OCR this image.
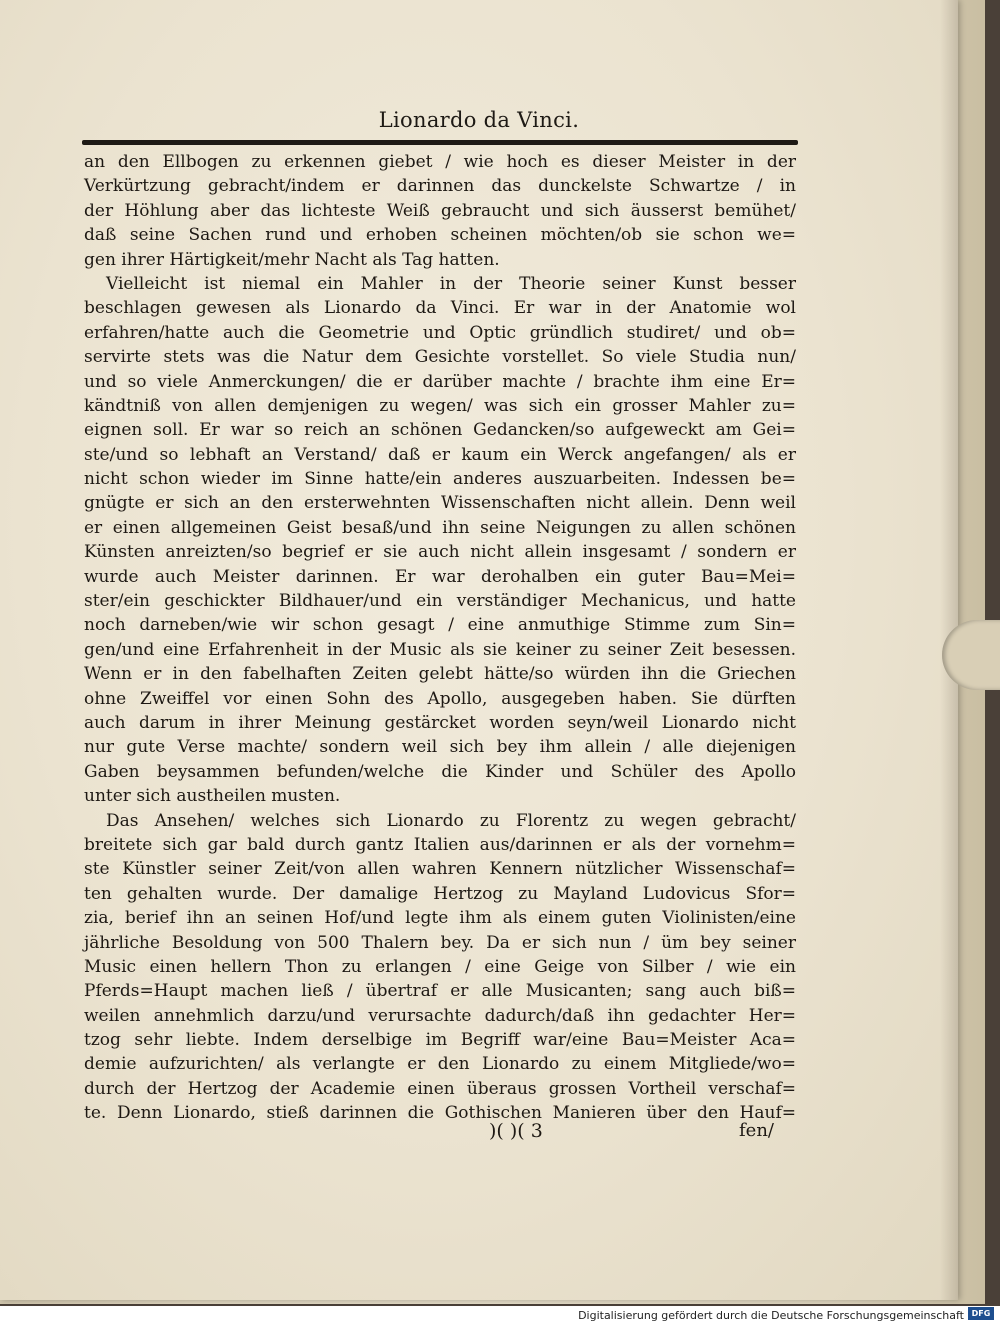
Lionardo da Vinci.
an den Ellbogen zu erkennen giebet / wie hoch es dieser Meister in der
Verkürtzung gebracht/indem er darinnen das dunckelste Schwartze / in
der Höhlung aber das lichteste Weiß gebraucht und sich äusserst bemühet/
daß seine Sachen rund und erhoben scheinen möchten/ob sie schon we=
gen ihrer Härtigkeit/mehr Nacht als Tag hatten.
Vielleicht ist niemal ein Mahler in der Theorie seiner Kunst besser
beschlagen gewesen als Lionardo da Vinci. Er war in der Anatomie wol
erfahren/hatte auch die Geometrie und Optic gründlich studiret/ und ob=
servirte stets was die Natur dem Gesichte vorstellet. So viele Studia nun/
und so viele Anmerckungen/ die er darüber machte / brachte ihm eine Er=
kändtniß von allen demjenigen zu wegen/ was sich ein grosser Mahler zu=
eignen soll. Er war so reich an schönen Gedancken/so aufgeweckt am Gei=
ste/und so lebhaft an Verstand/ daß er kaum ein Werck angefangen/ als er
nicht schon wieder im Sinne hatte/ein anderes auszuarbeiten. Indessen be=
gnügte er sich an den ersterwehnten Wissenschaften nicht allein. Denn weil
er einen allgemeinen Geist besaß/und ihn seine Neigungen zu allen schönen
Künsten anreizten/so begrief er sie auch nicht allein insgesamt / sondern er
wurde auch Meister darinnen. Er war derohalben ein guter Bau=Mei=
ster/ein geschickter Bildhauer/und ein verständiger Mechanicus, und hatte
noch darneben/wie wir schon gesagt / eine anmuthige Stimme zum Sin=
gen/und eine Erfahrenheit in der Music als sie keiner zu seiner Zeit besessen.
Wenn er in den fabelhaften Zeiten gelebt hätte/so würden ihn die Griechen
ohne Zweiffel vor einen Sohn des Apollo, ausgegeben haben. Sie dürften
auch darum in ihrer Meinung gestärcket worden seyn/weil Lionardo nicht
nur gute Verse machte/ sondern weil sich bey ihm allein / alle diejenigen
Gaben beysammen befunden/welche die Kinder und Schüler des Apollo
unter sich austheilen musten.
Das Ansehen/ welches sich Lionardo zu Florentz zu wegen gebracht/
breitete sich gar bald durch gantz Italien aus/darinnen er als der vornehm=
ste Künstler seiner Zeit/von allen wahren Kennern nützlicher Wissenschaf=
ten gehalten wurde. Der damalige Hertzog zu Mayland Ludovicus Sfor=
zia, berief ihn an seinen Hof/und legte ihm als einem guten Violinisten/eine
jährliche Besoldung von 500 Thalern bey. Da er sich nun / üm bey seiner
Music einen hellern Thon zu erlangen / eine Geige von Silber / wie ein
Pferds=Haupt machen ließ / übertraf er alle Musicanten; sang auch biß=
weilen annehmlich darzu/und verursachte dadurch/daß ihn gedachter Her=
tzog sehr liebte. Indem derselbige im Begriff war/eine Bau=Meister Aca=
demie aufzurichten/ als verlangte er den Lionardo zu einem Mitgliede/wo=
durch der Hertzog der Academie einen überaus grossen Vortheil verschaf=
te. Denn Lionardo, stieß darinnen die Gothischen Manieren über den Hauf=
)( )( 3	fen/
Digitalisierung gefördert durch die Deutsche Forschungsgemeinschaft DFG
